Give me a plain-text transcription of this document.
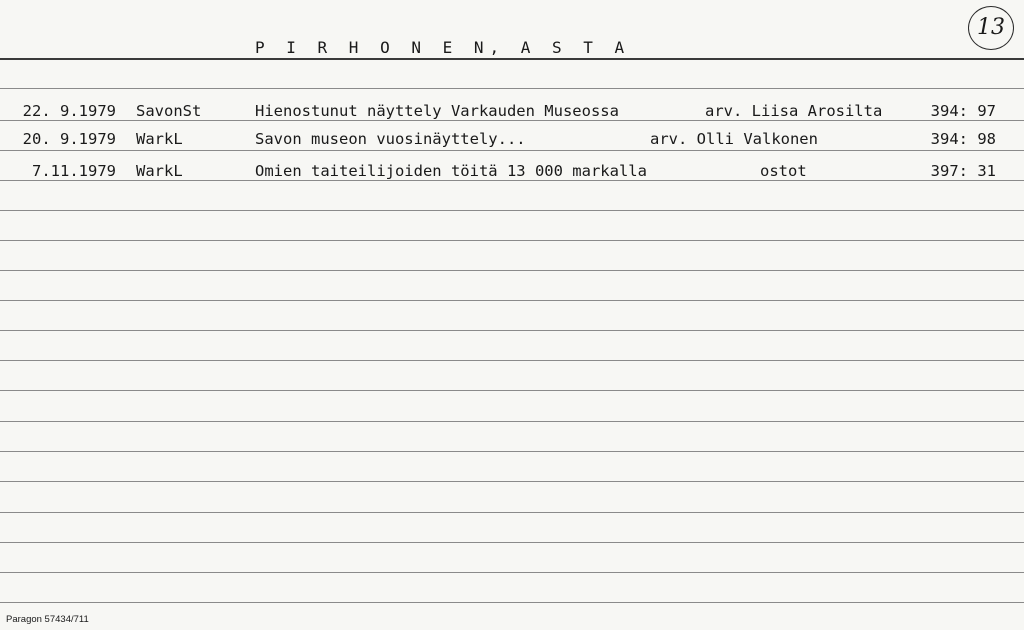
13
P I R H O N E N, A S T A
22. 9.1979 SavonSt	Hienostunut näyttely Varkauden Museossa	arv. Liisa Arosilta	394: 97
20. 9.1979 WarkL	Savon museon vuosinäyttely...	arv. Olli Valkonen	394: 98
7.11.1979 WarkL	Omien taiteilijoiden töitä 13 000 markalla	ostot	397: 31
Paragon 57434/711
